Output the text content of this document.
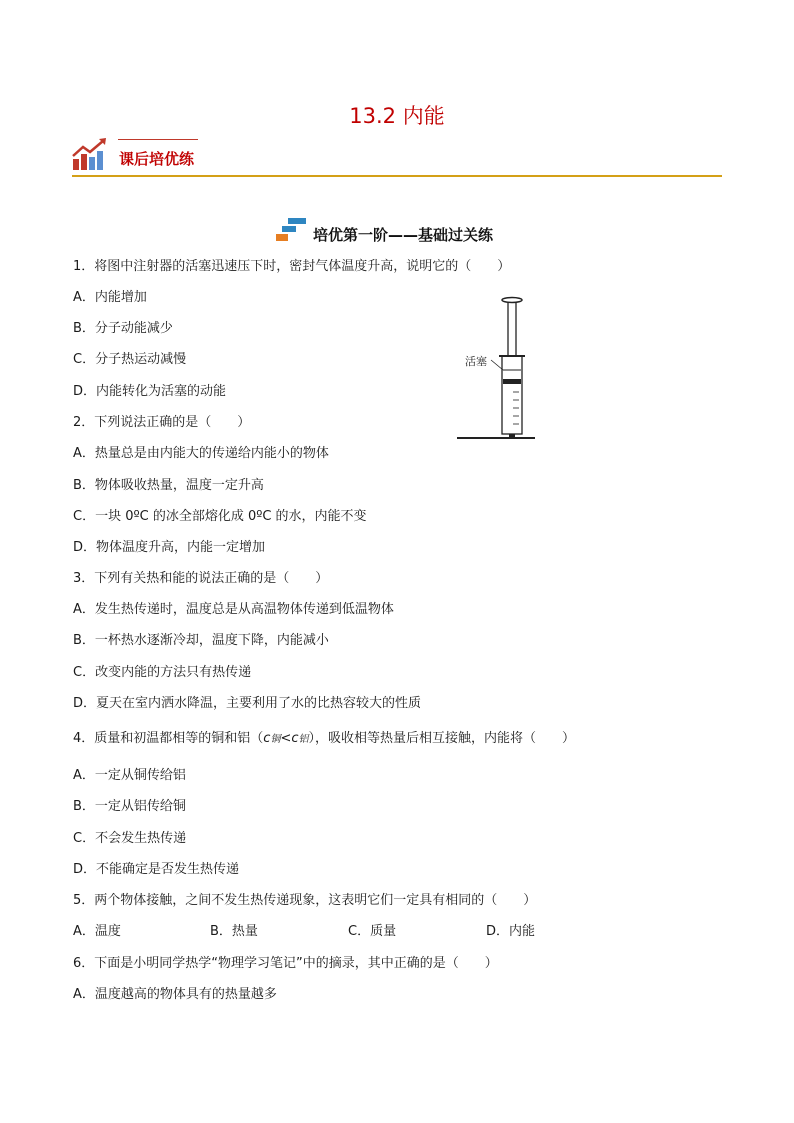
13.2 内能
课后培优练
培优第一阶——基础过关练
1．将图中注射器的活塞迅速压下时，密封气体温度升高，说明它的（　　）
A．内能增加
B．分子动能减少
C．分子热运动减慢
D．内能转化为活塞的动能
活塞
2．下列说法正确的是（　　）
A．热量总是由内能大的传递给内能小的物体
B．物体吸收热量，温度一定升高
C．一块 0ºC 的冰全部熔化成 0ºC 的水，内能不变
D．物体温度升高，内能一定增加
3．下列有关热和能的说法正确的是（　　）
A．发生热传递时，温度总是从高温物体传递到低温物体
B．一杯热水逐渐冷却，温度下降，内能减小
C．改变内能的方法只有热传递
D．夏天在室内洒水降温，主要利用了水的比热容较大的性质
4．质量和初温都相等的铜和铝（c铜<c铝），吸收相等热量后相互接触，内能将（　　）
A．一定从铜传给铝
B．一定从铝传给铜
C．不会发生热传递
D．不能确定是否发生热传递
5．两个物体接触，之间不发生热传递现象，这表明它们一定具有相同的（　　）
A．温度	B．热量	C．质量	D．内能
6．下面是小明同学热学“物理学习笔记”中的摘录，其中正确的是（　　）
A．温度越高的物体具有的热量越多
